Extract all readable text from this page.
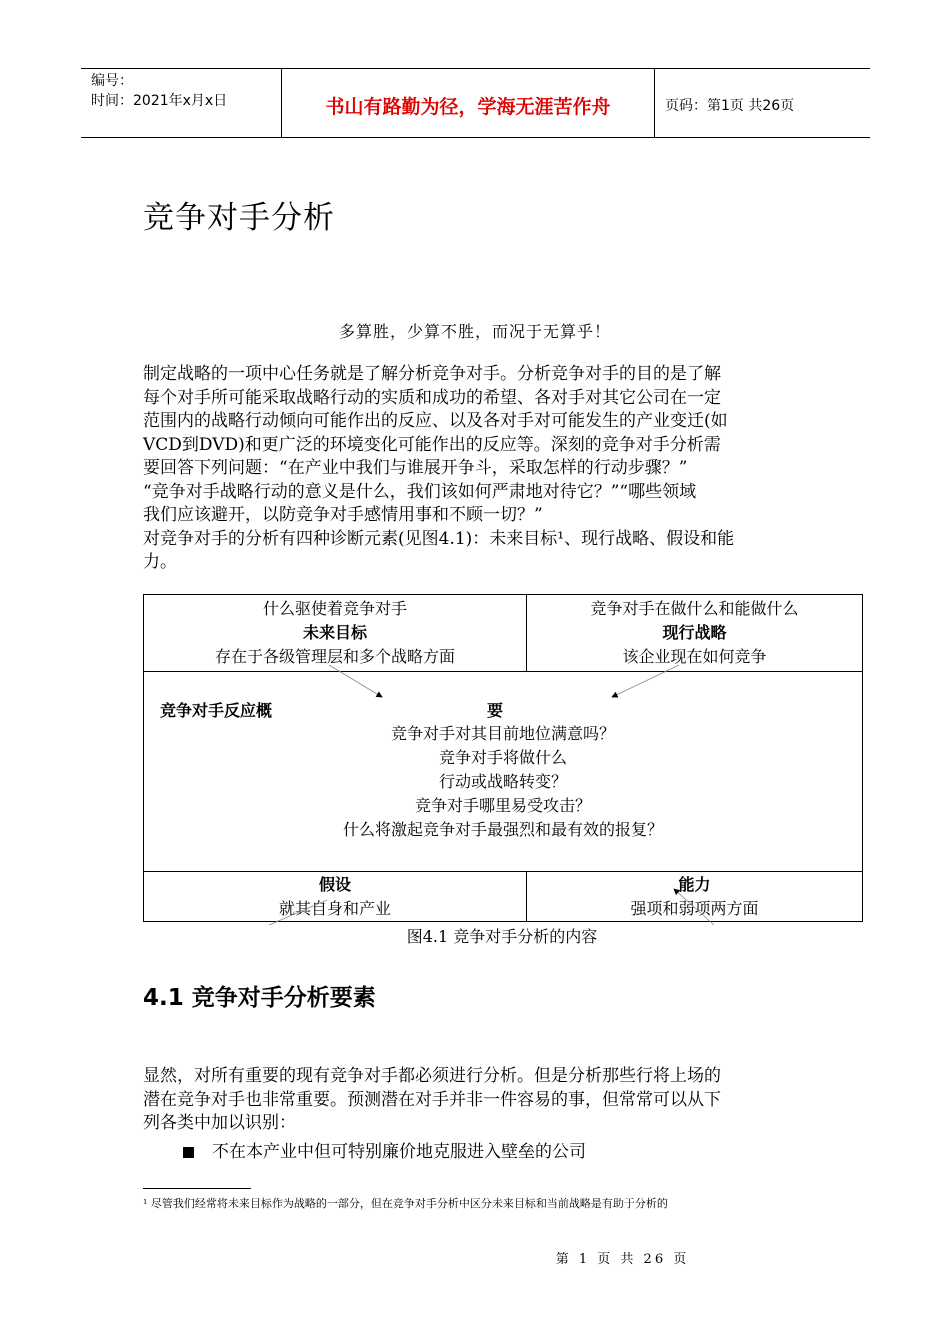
编号：
时间：2021年x月x日	书山有路勤为径，学海无涯苦作舟	页码：第1页 共26页
竞争对手分析
多算胜，少算不胜，而况于无算乎！
制定战略的一项中心任务就是了解分析竞争对手。分析竞争对手的目的是了解
每个对手所可能采取战略行动的实质和成功的希望、各对手对其它公司在一定
范围内的战略行动倾向可能作出的反应、以及各对手对可能发生的产业变迁(如
VCD到DVD)和更广泛的环境变化可能作出的反应等。深刻的竞争对手分析需
要回答下列问题：“在产业中我们与谁展开争斗，采取怎样的行动步骤？”
“竞争对手战略行动的意义是什么，我们该如何严肃地对待它？”“哪些领域
我们应该避开，以防竞争对手感情用事和不顾一切？”
对竞争对手的分析有四种诊断元素(见图4.1)：未来目标¹、现行战略、假设和能
力。
什么驱使着竞争对手
未来目标
存在于各级管理层和多个战略方面
竞争对手在做什么和能做什么
现行战略
该企业现在如何竞争
竞争对手反应概	要
竞争对手对其目前地位满意吗？
竞争对手将做什么
行动或战略转变？
竞争对手哪里易受攻击？
什么将激起竞争对手最强烈和最有效的报复？
假设
就其自身和产业
能力
强项和弱项两方面
图4.1 竞争对手分析的内容
4.1 竞争对手分析要素
显然，对所有重要的现有竞争对手都必须进行分析。但是分析那些行将上场的
潜在竞争对手也非常重要。预测潜在对手并非一件容易的事，但常常可以从下
列各类中加以识别：
不在本产业中但可特别廉价地克服进入壁垒的公司
¹ 尽管我们经常将未来目标作为战略的一部分，但在竞争对手分析中区分未来目标和当前战略是有助于分析的
第 1 页 共 26 页
